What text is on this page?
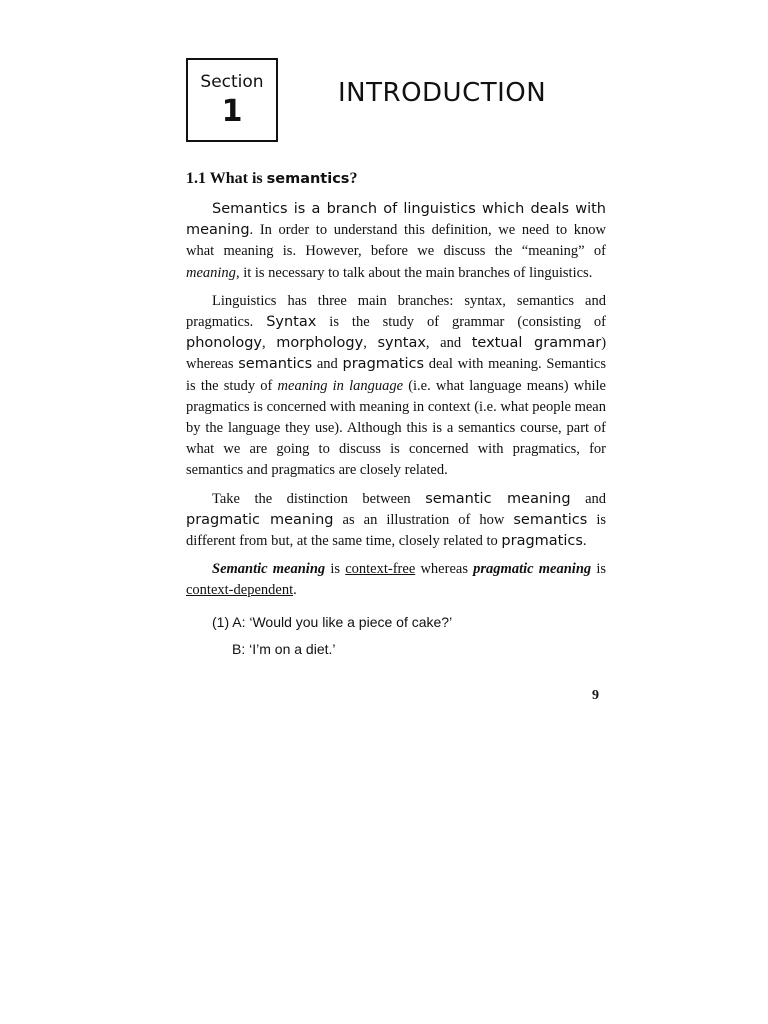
Section
1
INTRODUCTION
1.1 What is semantics?

Semantics is a branch of linguistics which deals with meaning. In order to understand this definition, we need to know what meaning is. However, before we discuss the “meaning” of meaning, it is necessary to talk about the main branches of linguistics.

Linguistics has three main branches: syntax, semantics and pragmatics. Syntax is the study of grammar (consisting of phonology, morphology, syntax, and textual grammar) whereas semantics and pragmatics deal with meaning. Semantics is the study of meaning in language (i.e. what language means) while pragmatics is concerned with meaning in context (i.e. what people mean by the language they use). Although this is a semantics course, part of what we are going to discuss is concerned with pragmatics, for semantics and pragmatics are closely related.

Take the distinction between semantic meaning and pragmatic meaning as an illustration of how semantics is different from but, at the same time, closely related to pragmatics.

Semantic meaning is context-free whereas pragmatic meaning is context-dependent.

(1) A: ‘Would you like a piece of cake?’
B: ‘I’m on a diet.’
9
